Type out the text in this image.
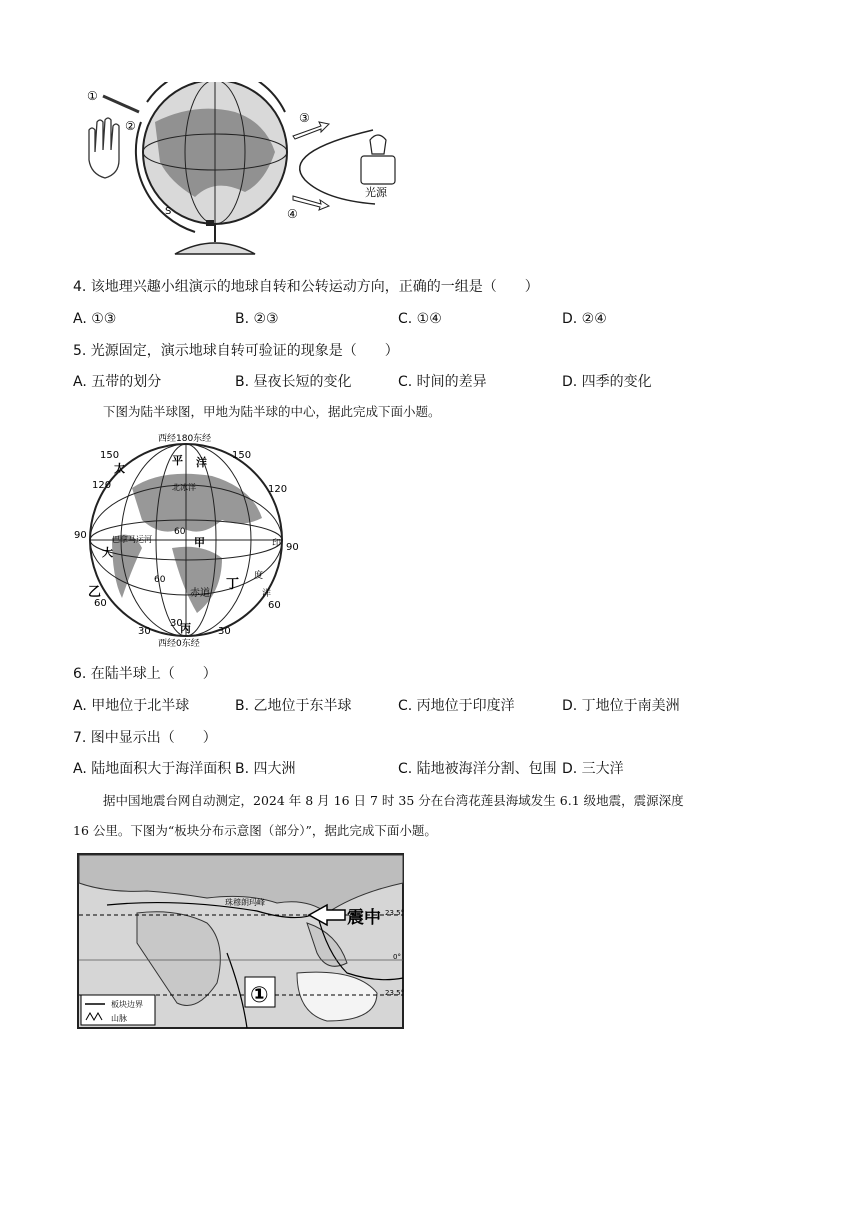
①
②
S
③
④
光源
4. 该地理兴趣小组演示的地球自转和公转运动方向，正确的一组是（　　）
A. ①③	B. ②③	C. ①④	D. ②④
5. 光源固定，演示地球自转可验证的现象是（　　）
A. 五带的划分	B. 昼夜长短的变化	C. 时间的差异	D. 四季的变化
下图为陆半球图，甲地为陆半球的中心，据此完成下面小题。
西经180东经
150	150
120	120
90
90
60	60
30
30
30
60
太
平 洋
北冰洋
巴拿马运河
大
甲
乙	赤道
丙
丁
印
度
洋
60
西经0东经
6. 在陆半球上（　　）
A. 甲地位于北半球	B. 乙地位于东半球	C. 丙地位于印度洋	D. 丁地位于南美洲
7. 图中显示出（　　）
A. 陆地面积大于海洋面积 B. 四大洲	C. 陆地被海洋分割、包围 D. 三大洋
据中国地震台网自动测定，2024 年 8 月 16 日 7 时 35 分在台湾花莲县海域发生 6.1 级地震，震源深度
16 公里。下图为“板块分布示意图（部分）”，据此完成下面小题。
珠穆朗玛峰
震中 23.5°
0°
23.5°
①
板块边界
山脉
